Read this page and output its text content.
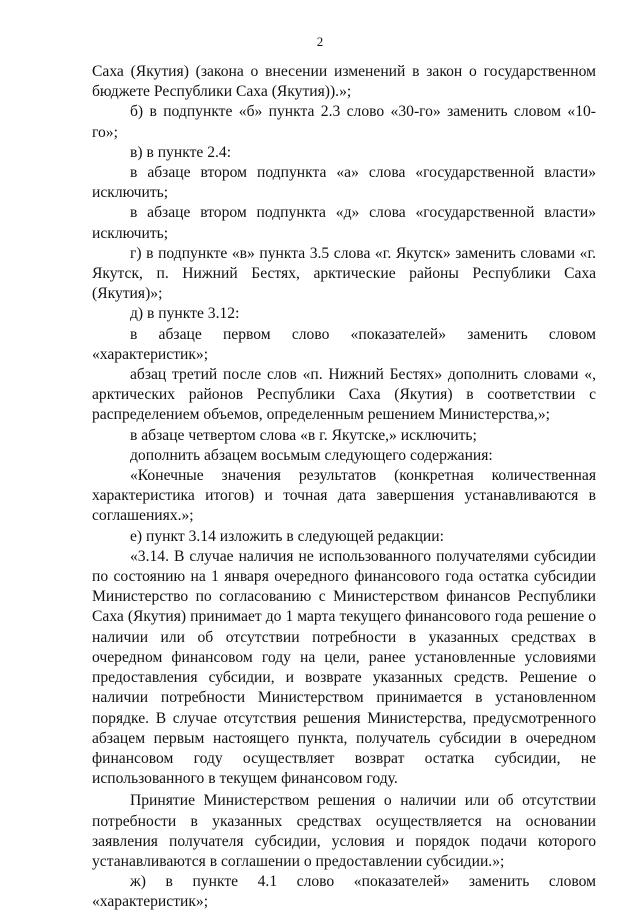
2

Саха (Якутия) (закона о внесении изменений в закон о государственном бюджете Республики Саха (Якутия)).»;

б) в подпункте «б» пункта 2.3 слово «30-го» заменить словом «10-го»;

в) в пункте 2.4:

в абзаце втором подпункта «а» слова «государственной власти» исключить;

в абзаце втором подпункта «д» слова «государственной власти» исключить;

г) в подпункте «в» пункта 3.5 слова «г. Якутск» заменить словами «г. Якутск, п. Нижний Бестях, арктические районы Республики Саха (Якутия)»;

д) в пункте 3.12:

в абзаце первом слово «показателей» заменить словом «характеристик»;

абзац третий после слов «п. Нижний Бестях» дополнить словами «, арктических районов Республики Саха (Якутия) в соответствии с распределением объемов, определенным решением Министерства,»;

в абзаце четвертом слова «в г. Якутске,» исключить;

дополнить абзацем восьмым следующего содержания:

«Конечные значения результатов (конкретная количественная характеристика итогов) и точная дата завершения устанавливаются в соглашениях.»;

е) пункт 3.14 изложить в следующей редакции:

«3.14. В случае наличия не использованного получателями субсидии по состоянию на 1 января очередного финансового года остатка субсидии Министерство по согласованию с Министерством финансов Республики Саха (Якутия) принимает до 1 марта текущего финансового года решение о наличии или об отсутствии потребности в указанных средствах в очередном финансовом году на цели, ранее установленные условиями предоставления субсидии, и возврате указанных средств. Решение о наличии потребности Министерством принимается в установленном порядке. В случае отсутствия решения Министерства, предусмотренного абзацем первым настоящего пункта, получатель субсидии в очередном финансовом году осуществляет возврат остатка субсидии, не использованного в текущем финансовом году.

Принятие Министерством решения о наличии или об отсутствии потребности в указанных средствах осуществляется на основании заявления получателя субсидии, условия и порядок подачи которого устанавливаются в соглашении о предоставлении субсидии.»;

ж) в пункте 4.1 слово «показателей» заменить словом «характеристик»;
